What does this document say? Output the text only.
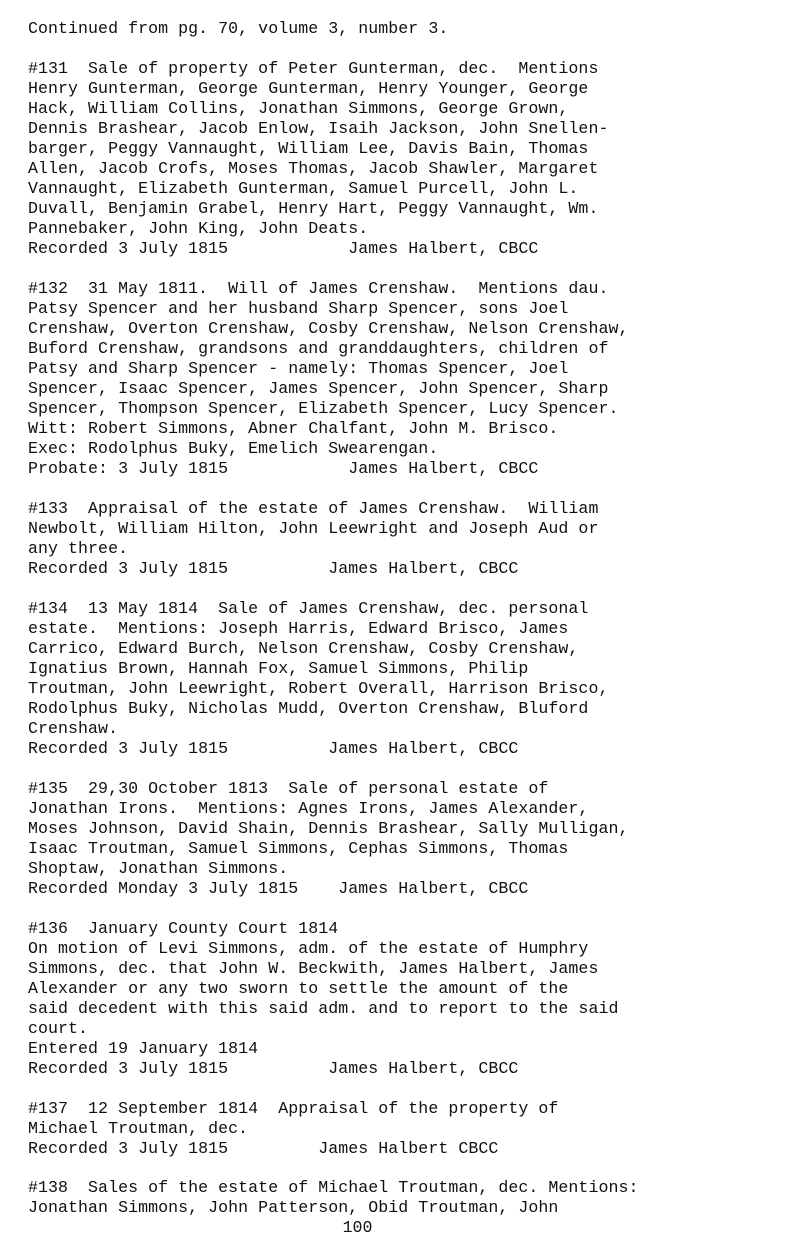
Continued from pg. 70, volume 3, number 3.
#131  Sale of property of Peter Gunterman, dec.  Mentions
Henry Gunterman, George Gunterman, Henry Younger, George
Hack, William Collins, Jonathan Simmons, George Grown,
Dennis Brashear, Jacob Enlow, Isaih Jackson, John Snellen-
barger, Peggy Vannaught, William Lee, Davis Bain, Thomas
Allen, Jacob Crofs, Moses Thomas, Jacob Shawler, Margaret
Vannaught, Elizabeth Gunterman, Samuel Purcell, John L.
Duvall, Benjamin Grabel, Henry Hart, Peggy Vannaught, Wm.
Pannebaker, John King, John Deats.
Recorded 3 July 1815            James Halbert, CBCC
#132  31 May 1811.  Will of James Crenshaw.  Mentions dau.
Patsy Spencer and her husband Sharp Spencer, sons Joel
Crenshaw, Overton Crenshaw, Cosby Crenshaw, Nelson Crenshaw,
Buford Crenshaw, grandsons and granddaughters, children of
Patsy and Sharp Spencer - namely: Thomas Spencer, Joel
Spencer, Isaac Spencer, James Spencer, John Spencer, Sharp
Spencer, Thompson Spencer, Elizabeth Spencer, Lucy Spencer.
Witt: Robert Simmons, Abner Chalfant, John M. Brisco.
Exec: Rodolphus Buky, Emelich Swearengan.
Probate: 3 July 1815            James Halbert, CBCC
#133  Appraisal of the estate of James Crenshaw.  William
Newbolt, William Hilton, John Leewright and Joseph Aud or
any three.
Recorded 3 July 1815          James Halbert, CBCC
#134  13 May 1814  Sale of James Crenshaw, dec. personal
estate.  Mentions: Joseph Harris, Edward Brisco, James
Carrico, Edward Burch, Nelson Crenshaw, Cosby Crenshaw,
Ignatius Brown, Hannah Fox, Samuel Simmons, Philip
Troutman, John Leewright, Robert Overall, Harrison Brisco,
Rodolphus Buky, Nicholas Mudd, Overton Crenshaw, Bluford
Crenshaw.
Recorded 3 July 1815          James Halbert, CBCC
#135  29,30 October 1813  Sale of personal estate of
Jonathan Irons.  Mentions: Agnes Irons, James Alexander,
Moses Johnson, David Shain, Dennis Brashear, Sally Mulligan,
Isaac Troutman, Samuel Simmons, Cephas Simmons, Thomas
Shoptaw, Jonathan Simmons.
Recorded Monday 3 July 1815    James Halbert, CBCC
#136  January County Court 1814
On motion of Levi Simmons, adm. of the estate of Humphry
Simmons, dec. that John W. Beckwith, James Halbert, James
Alexander or any two sworn to settle the amount of the
said decedent with this said adm. and to report to the said
court.
Entered 19 January 1814
Recorded 3 July 1815          James Halbert, CBCC
#137  12 September 1814  Appraisal of the property of
Michael Troutman, dec.
Recorded 3 July 1815         James Halbert CBCC
#138  Sales of the estate of Michael Troutman, dec. Mentions:
Jonathan Simmons, John Patterson, Obid Troutman, John
100
